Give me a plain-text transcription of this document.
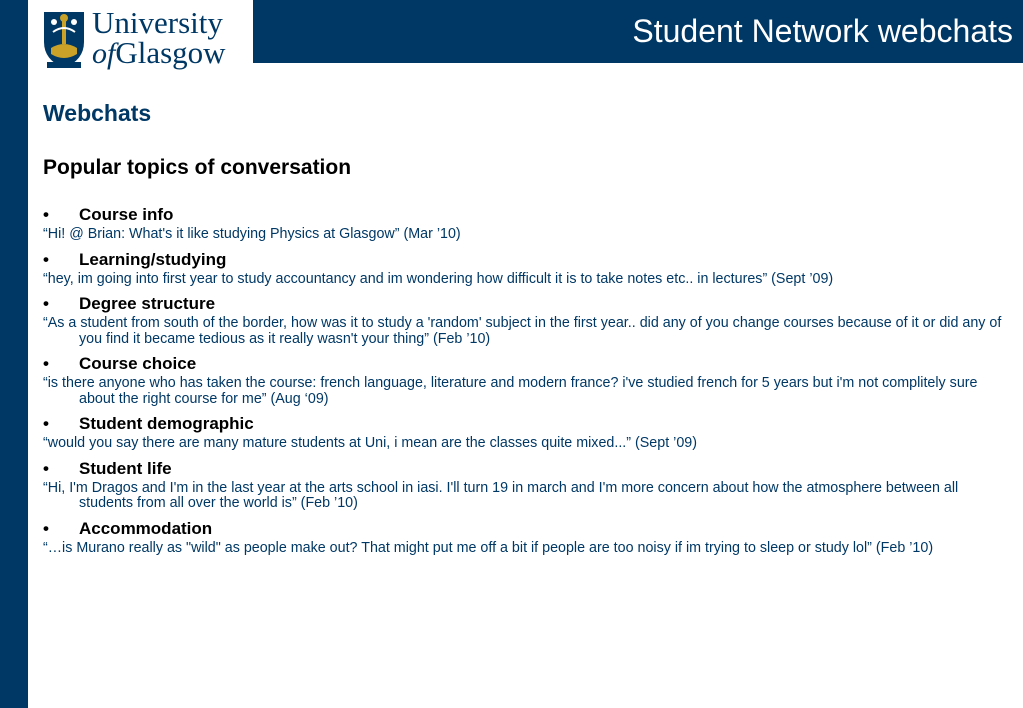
University
ofGlasgow
Student Network webchats
Webchats
Popular topics of conversation
• Course info
“Hi! @ Brian: What's it like studying Physics at Glasgow” (Mar ’10)
• Learning/studying
“hey, im going into first year to study accountancy and im wondering how difficult it is to take notes etc.. in lectures” (Sept ’09)
• Degree structure
“As a student from south of the border, how was it to study a 'random' subject in the first year.. did any of you change courses because of it or did any of you find it became tedious as it really wasn't your thing” (Feb ’10)
• Course choice
“is there anyone who has taken the course: french language, literature and modern france? i've studied french for 5 years but i'm not complitely sure about the right course for me” (Aug ‘09)
• Student demographic
“would you say there are many mature students at Uni, i mean are the classes quite mixed...” (Sept ’09)
• Student life
“Hi, I'm Dragos and I'm in the last year at the arts school in iasi. I'll turn 19 in march and I'm more concern about how the atmosphere between all students from all over the world is” (Feb ’10)
• Accommodation
“…is Murano really as "wild" as people make out? That might put me off a bit if people are too noisy if im trying to sleep or study lol” (Feb ’10)
